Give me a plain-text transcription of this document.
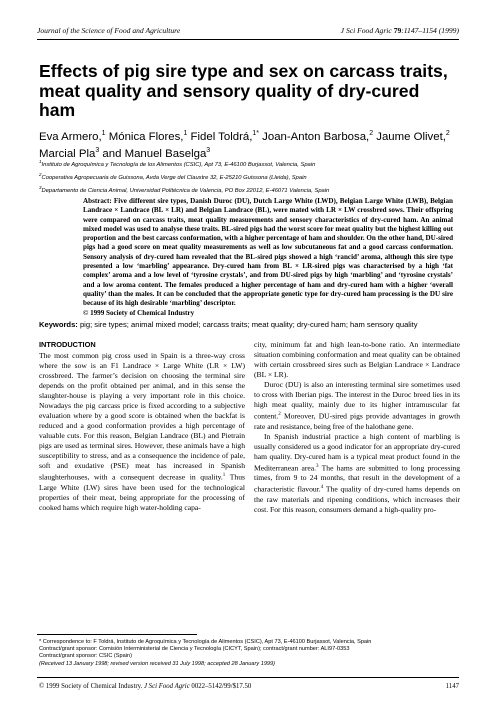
Journal of the Science of Food and Agriculture	J Sci Food Agric 79:1147–1154 (1999)
Effects of pig sire type and sex on carcass traits, meat quality and sensory quality of dry-cured ham
Eva Armero,$^1$ Mónica Flores,$^1$ Fidel Toldrá,$^{1*}$ Joan-Anton Barbosa,$^2$ Jaume Olivet,$^2$ Marcial Pla$^3$ and Manuel Baselga$^3$
$^1$Instituto de Agroquímica y Tecnología de los Alimentos (CSIC), Apt 73, E-46100 Burjassot, Valencia, Spain
$^2$Cooperativa Agropecuaria de Guissona, Avda Verge del Claustre 32, E-25210 Guissona (Lleida), Spain
$^3$Departamento de Ciencia Animal, Universidad Politécnica de Valencia, PO Box 22012, E-46071 Valencia, Spain
Abstract: Five different sire types, Danish Duroc (DU), Dutch Large White (LWD), Belgian Large White (LWB), Belgian Landrace × Landrace (BL × LR) and Belgian Landrace (BL), were mated with LR × LW crossbred sows. Their offspring were compared on carcass traits, meat quality measurements and sensory characteristics of dry-cured ham. An animal mixed model was used to analyse these traits. BL-sired pigs had the worst score for meat quality but the highest killing out proportion and the best carcass conformation, with a higher percentage of ham and shoulder. On the other hand, DU-sired pigs had a good score on meat quality measurements as well as low subcutaneous fat and a good carcass conformation. Sensory analysis of dry-cured ham revealed that the BL-sired pigs showed a high ‘rancid’ aroma, although this sire type presented a low ‘marbling’ appearance. Dry-cured ham from BL × LR-sired pigs was characterised by a high ‘fat complex’ aroma and a low level of ‘tyrosine crystals’, and from DU-sired pigs by high ‘marbling’ and ‘tyrosine crystals’ and a low aroma content. The females produced a higher percentage of ham and dry-cured ham with a higher ‘overall quality’ than the males. It can be concluded that the appropriate genetic type for dry-cured ham processing is the DU sire because of its high desirable ‘marbling’ descriptor.
© 1999 Society of Chemical Industry
Keywords: pig; sire types; animal mixed model; carcass traits; meat quality; dry-cured ham; ham sensory quality
INTRODUCTION

The most common pig cross used in Spain is a three-way cross where the sow is an F1 Landrace × Large White (LR × LW) crossbreed. The farmer’s decision on choosing the terminal sire depends on the profit obtained per animal, and in this sense the slaughter-house is playing a very important role in this choice. Nowadays the pig carcass price is fixed according to a subjective evaluation where by a good score is obtained when the backfat is reduced and a good conformation provides a high percentage of valuable cuts. For this reason, Belgian Landrace (BL) and Pietrain pigs are used as terminal sires. However, these animals have a high susceptibility to stress, and as a consequence the incidence of pale, soft and exudative (PSE) meat has increased in Spanish slaughterhouses, with a consequent decrease in quality.$^1$ Thus Large White (LW) sires have been used for the technological properties of their meat, being appropriate for the processing of cooked hams which require high water-holding capa-

city, minimum fat and high lean-to-bone ratio. An intermediate situation combining conformation and meat quality can be obtained with certain crossbreed sires such as Belgian Landrace × Landrace (BL × LR).

Duroc (DU) is also an interesting terminal sire sometimes used to cross with Iberian pigs. The interest in the Duroc breed lies in its high meat quality, mainly due to its higher intramuscular fat content.$^2$ Moreover, DU-sired pigs provide advantages in growth rate and resistance, being free of the halothane gene.

In Spanish industrial practice a high content of marbling is usually considered us a good indicator for an appropriate dry-cured ham quality. Dry-cured ham is a typical meat product found in the Mediterranean area.$^3$ The hams are submitted to long processing times, from 9 to 24 months, that result in the development of a characteristic flavour.$^4$ The quality of dry-cured hams depends on the raw materials and ripening conditions, which increases their cost. For this reason, consumers demand a high-quality pro-

* Correspondence to: F Toldrá, Instituto de Agroquímica y Tecnología de Alimentos (CSIC), Apt 73, E-46100 Burjassot, Valencia, Spain
Contract/grant sponsor: Comisión Interministerial de Ciencia y Tecnología (CICYT, Spain); contract/grant number: ALI97-0353
Contract/grant sponsor: CSIC (Spain)
(Received 13 January 1998; revised version received 31 July 1998; accepted 28 January 1999)
© 1999 Society of Chemical Industry. J Sci Food Agric 0022–5142/99/$17.50	1147
